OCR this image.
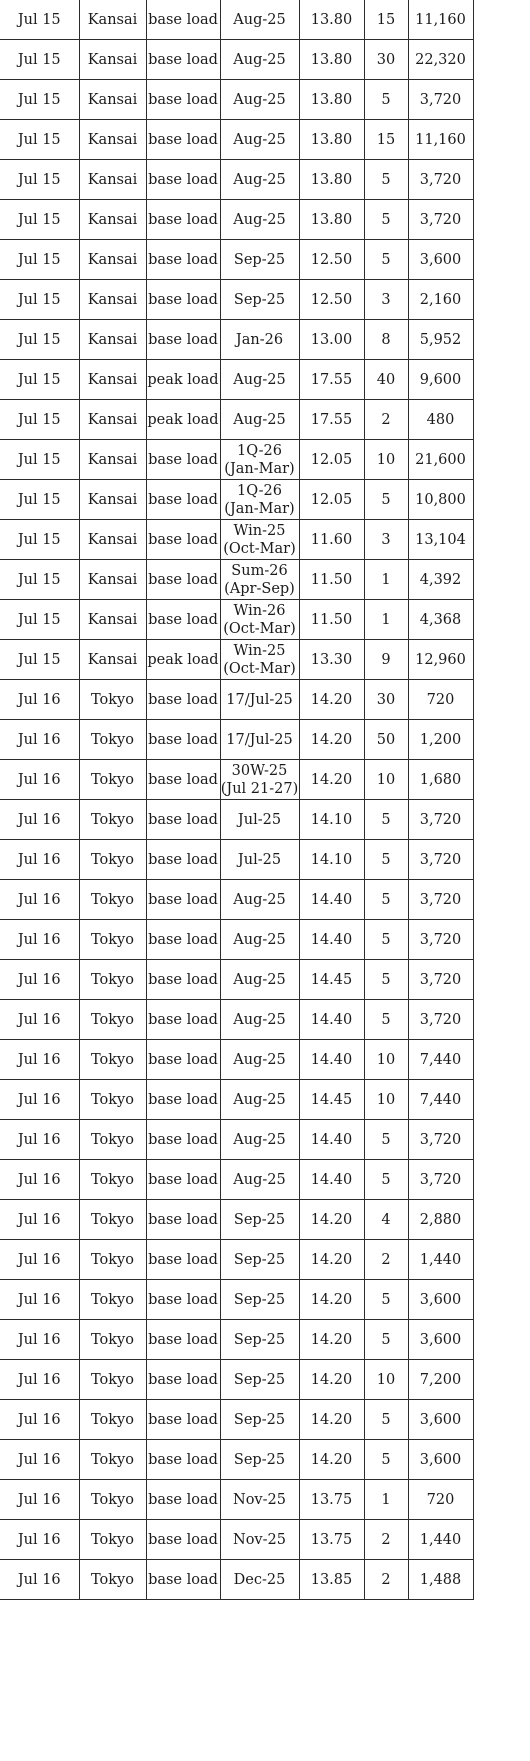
Jul 15	Kansai	base load	Aug-25	13.80	15	11,160
Jul 15	Kansai	base load	Aug-25	13.80	30	22,320
Jul 15	Kansai	base load	Aug-25	13.80	5	3,720
Jul 15	Kansai	base load	Aug-25	13.80	15	11,160
Jul 15	Kansai	base load	Aug-25	13.80	5	3,720
Jul 15	Kansai	base load	Aug-25	13.80	5	3,720
Jul 15	Kansai	base load	Sep-25	12.50	5	3,600
Jul 15	Kansai	base load	Sep-25	12.50	3	2,160
Jul 15	Kansai	base load	Jan-26	13.00	8	5,952
Jul 15	Kansai	peak load	Aug-25	17.55	40	9,600
Jul 15	Kansai	peak load	Aug-25	17.55	2	480
Jul 15	Kansai	base load	1Q-26
(Jan-Mar)	12.05	10	21,600
Jul 15	Kansai	base load	1Q-26
(Jan-Mar)	12.05	5	10,800
Jul 15	Kansai	base load	Win-25
(Oct-Mar)	11.60	3	13,104
Jul 15	Kansai	base load	Sum-26
(Apr-Sep)	11.50	1	4,392
Jul 15	Kansai	base load	Win-26
(Oct-Mar)	11.50	1	4,368
Jul 15	Kansai	peak load	Win-25
(Oct-Mar)	13.30	9	12,960
Jul 16	Tokyo	base load	17/Jul-25	14.20	30	720
Jul 16	Tokyo	base load	17/Jul-25	14.20	50	1,200
Jul 16	Tokyo	base load	30W-25
(Jul 21-27)	14.20	10	1,680
Jul 16	Tokyo	base load	Jul-25	14.10	5	3,720
Jul 16	Tokyo	base load	Jul-25	14.10	5	3,720
Jul 16	Tokyo	base load	Aug-25	14.40	5	3,720
Jul 16	Tokyo	base load	Aug-25	14.40	5	3,720
Jul 16	Tokyo	base load	Aug-25	14.45	5	3,720
Jul 16	Tokyo	base load	Aug-25	14.40	5	3,720
Jul 16	Tokyo	base load	Aug-25	14.40	10	7,440
Jul 16	Tokyo	base load	Aug-25	14.45	10	7,440
Jul 16	Tokyo	base load	Aug-25	14.40	5	3,720
Jul 16	Tokyo	base load	Aug-25	14.40	5	3,720
Jul 16	Tokyo	base load	Sep-25	14.20	4	2,880
Jul 16	Tokyo	base load	Sep-25	14.20	2	1,440
Jul 16	Tokyo	base load	Sep-25	14.20	5	3,600
Jul 16	Tokyo	base load	Sep-25	14.20	5	3,600
Jul 16	Tokyo	base load	Sep-25	14.20	10	7,200
Jul 16	Tokyo	base load	Sep-25	14.20	5	3,600
Jul 16	Tokyo	base load	Sep-25	14.20	5	3,600
Jul 16	Tokyo	base load	Nov-25	13.75	1	720
Jul 16	Tokyo	base load	Nov-25	13.75	2	1,440
Jul 16	Tokyo	base load	Dec-25	13.85	2	1,488
